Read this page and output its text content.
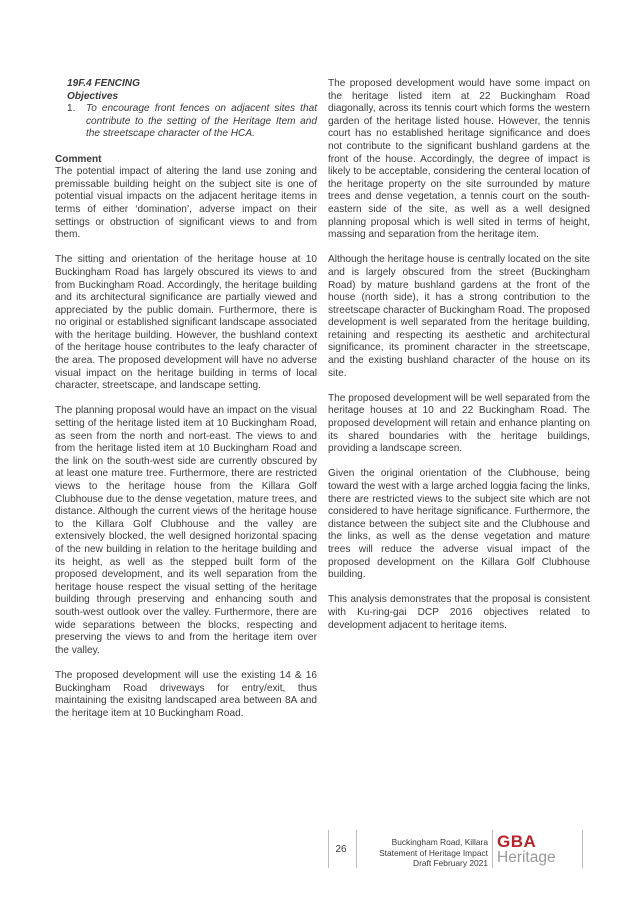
19F.4 FENCING
Objectives
1.	To encourage front fences on adjacent sites that contribute to the setting of the Heritage Item and the streetscape character of the HCA.
Comment

The potential impact of altering the land use zoning and premissable building height on the subject site is one of potential visual impacts on the adjacent heritage items in terms of either ‘domination’, adverse impact on their settings or obstruction of significant views to and from them.

The sitting and orientation of the heritage house at 10 Buckingham Road has largely obscured its views to and from Buckingham Road. Accordingly, the heritage building and its architectural significance are partially viewed and appreciated by the public domain. Furthermore, there is no original or established significant landscape associated with the heritage building. However, the bushland context of the heritage house contributes to the leafy character of the area. The proposed development will have no adverse visual impact on the heritage building in terms of local character, streetscape, and landscape setting.

The planning proposal would have an impact on the visual setting of the heritage listed item at 10 Buckingham Road, as seen from the north and nort-east. The views to and from the heritage listed item at 10 Buckingham Road and the link on the south-west side are currently obscured by at least one mature tree. Furthermore, there are restricted views to the heritage house from the Killara Golf Clubhouse due to the dense vegetation, mature trees, and distance. Although the current views of the heritage house to the Killara Golf Clubhouse and the valley are extensively blocked, the well designed horizontal spacing of the new building in relation to the heritage building and its height, as well as the stepped built form of the proposed development, and its well separation from the heritage house respect the visual setting of the heritage building through preserving and enhancing south and south-west outlook over the valley. Furthermore, there are wide separations between the blocks, respecting and preserving the views to and from the heritage item over the valley.

The proposed development will use the existing 14 & 16 Buckingham Road driveways for entry/exit, thus maintaining the exisitng landscaped area between 8A and the heritage item at 10 Buckingham Road.

The proposed development would have some impact on the heritage listed item at 22 Buckingham Road diagonally, across its tennis court which forms the western garden of the heritage listed house. However, the tennis court has no established heritage significance and does not contribute to the significant bushland gardens at the front of the house. Accordingly, the degree of impact is likely to be acceptable, considering the centeral location of the heritage property on the site surrounded by mature trees and dense vegetation, a tennis court on the south-eastern side of the site, as well as a well designed planning proposal which is well sited in terms of height, massing and separation from the heritage item.

Although the heritage house is centrally located on the site and is largely obscured from the street (Buckingham Road) by mature bushland gardens at the front of the house (north side), it has a strong contribution to the streetscape character of Buckingham Road. The proposed development is well separated from the heritage building, retaining and respecting its aesthetic and architectural significance, its prominent character in the streetscape, and the existing bushland character of the house on its site.

The proposed development will be well separated from the heritage houses at 10 and 22 Buckingham Road. The proposed development will retain and enhance planting on its shared boundaries with the heritage buildings, providing a landscape screen.

Given the original orientation of the Clubhouse, being toward the west with a large arched loggia facing the links, there are restricted views to the subject site which are not considered to have heritage significance. Furthermore, the distance between the subject site and the Clubhouse and the links, as well as the dense vegetation and mature trees will reduce the adverse visual impact of the proposed development on the Killara Golf Clubhouse building.

This analysis demonstrates that the proposal is consistent with Ku-ring-gai DCP 2016 objectives related to development adjacent to heritage items.

26
Buckingham Road, Killara
Statement of Heritage Impact
Draft February 2021
GBA
Heritage
